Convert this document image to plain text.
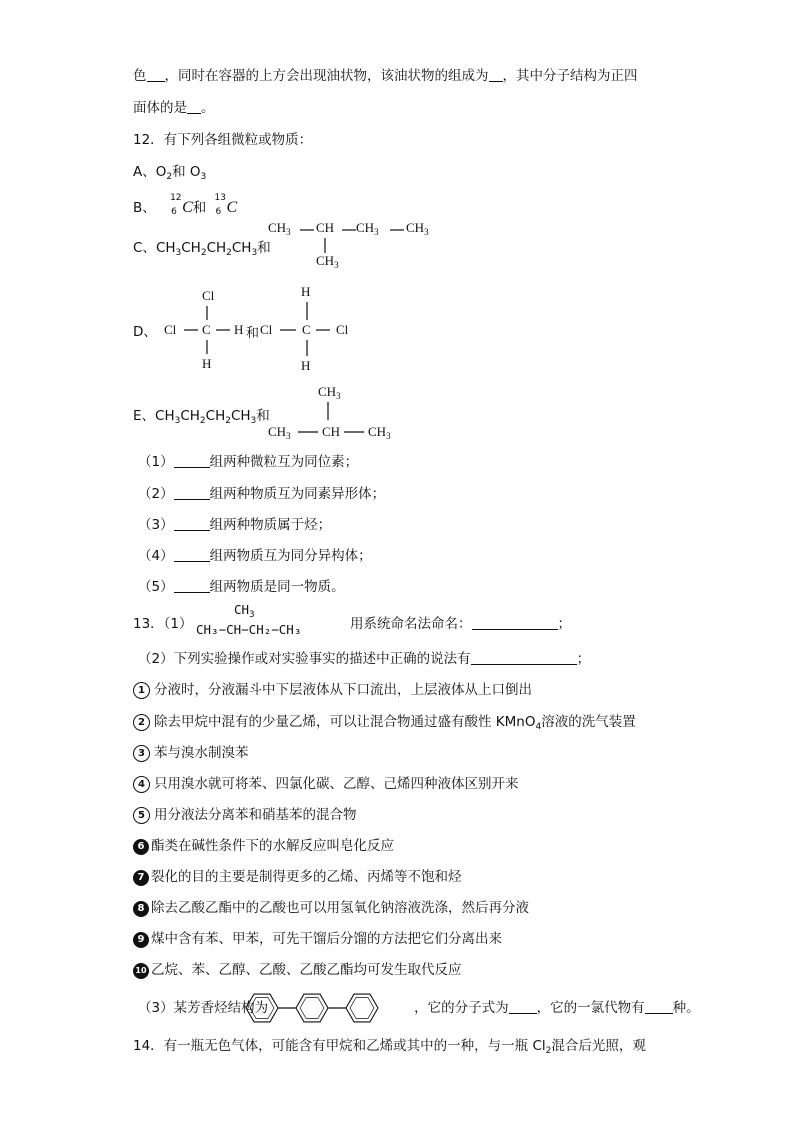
色 ，同时在容器的上方会出现油状物，该油状物的组成为 ，其中分子结构为正四
面体的是 。
12．有下列各组微粒或物质：
A、$O_2$和 $O_3$
B、
12
6 C和
13
6 C
C、$CH_3CH_2CH_2CH_3$和
$CH_3$ CH $CH_3$ $CH_3$
$CH_3$
D、
Cl
Cl C H 和 Cl C Cl
H
H
H
E、$CH_3CH_2CH_2CH_3$和
$CH_3$
$CH_3$ CH $CH_3$
（1）	组两种微粒互为同位素；
（2）	组两种物质互为同素异形体；
（3）	组两种物质属于烃；
（4）	组两物质互为同分异构体；
（5）	组两物质是同一物质。
13．（1）
$CH_3$
CH₃−CH−CH₂−CH₃	用系统命名法命名：	；
（2）下列实验操作或对实验事实的描述中正确的说法有	；
1 分液时，分液漏斗中下层液体从下口流出，上层液体从上口倒出
2 除去甲烷中混有的少量乙烯，可以让混合物通过盛有酸性 KMnO$_4$溶液的洗气装置
3 苯与溴水制溴苯
4 只用溴水就可将苯、四氯化碳、乙醇、己烯四种液体区别开来
5 用分液法分离苯和硝基苯的混合物
6 酯类在碱性条件下的水解反应叫皂化反应
7 裂化的目的主要是制得更多的乙烯、丙烯等不饱和烃
8 除去乙酸乙酯中的乙酸也可以用氢氧化钠溶液洗涤，然后再分液
9 煤中含有苯、甲苯，可先干馏后分馏的方法把它们分离出来
10 乙烷、苯、乙醇、乙酸、乙酸乙酯均可发生取代反应
（3）某芳香烃结构为	，它的分子式为 ，它的一氯代物有 种。
14．有一瓶无色气体，可能含有甲烷和乙烯或其中的一种，与一瓶 $Cl_2$混合后光照，观
